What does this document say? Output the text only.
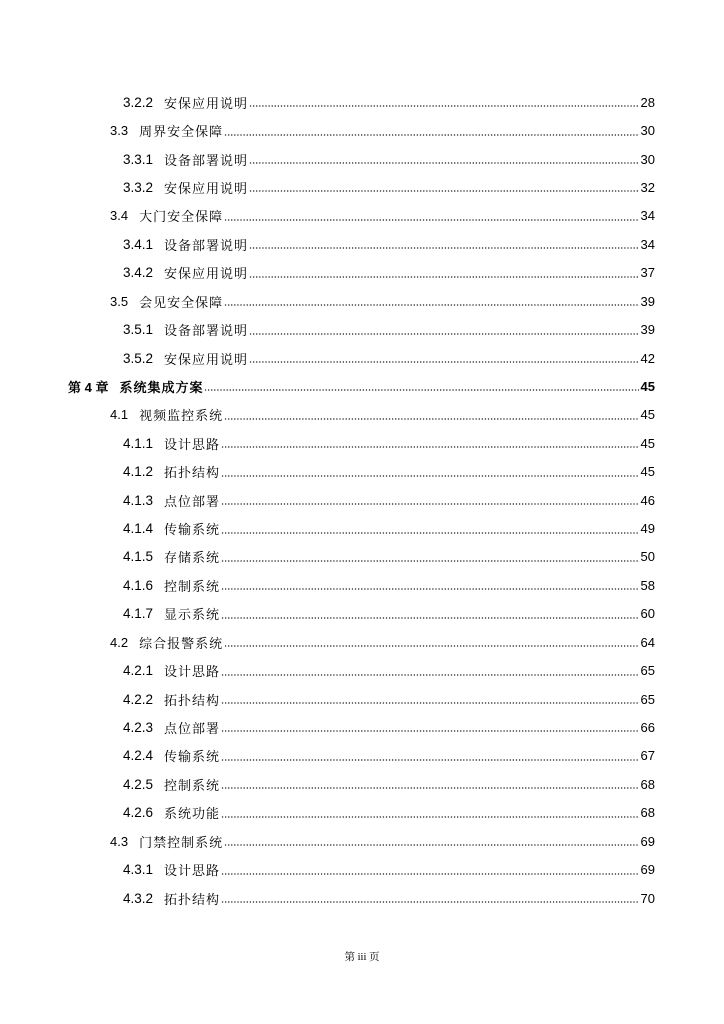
3.2.2 安保应用说明	28
3.3 周界安全保障	30
3.3.1 设备部署说明	30
3.3.2 安保应用说明	32
3.4 大门安全保障	34
3.4.1 设备部署说明	34
3.4.2 安保应用说明	37
3.5 会见安全保障	39
3.5.1 设备部署说明	39
3.5.2 安保应用说明	42
第 4 章 系统集成方案	45
4.1 视频监控系统	45
4.1.1 设计思路	45
4.1.2 拓扑结构	45
4.1.3 点位部署	46
4.1.4 传输系统	49
4.1.5 存储系统	50
4.1.6 控制系统	58
4.1.7 显示系统	60
4.2 综合报警系统	64
4.2.1 设计思路	65
4.2.2 拓扑结构	65
4.2.3 点位部署	66
4.2.4 传输系统	67
4.2.5 控制系统	68
4.2.6 系统功能	68
4.3 门禁控制系统	69
4.3.1 设计思路	69
4.3.2 拓扑结构	70
第 iii 页
